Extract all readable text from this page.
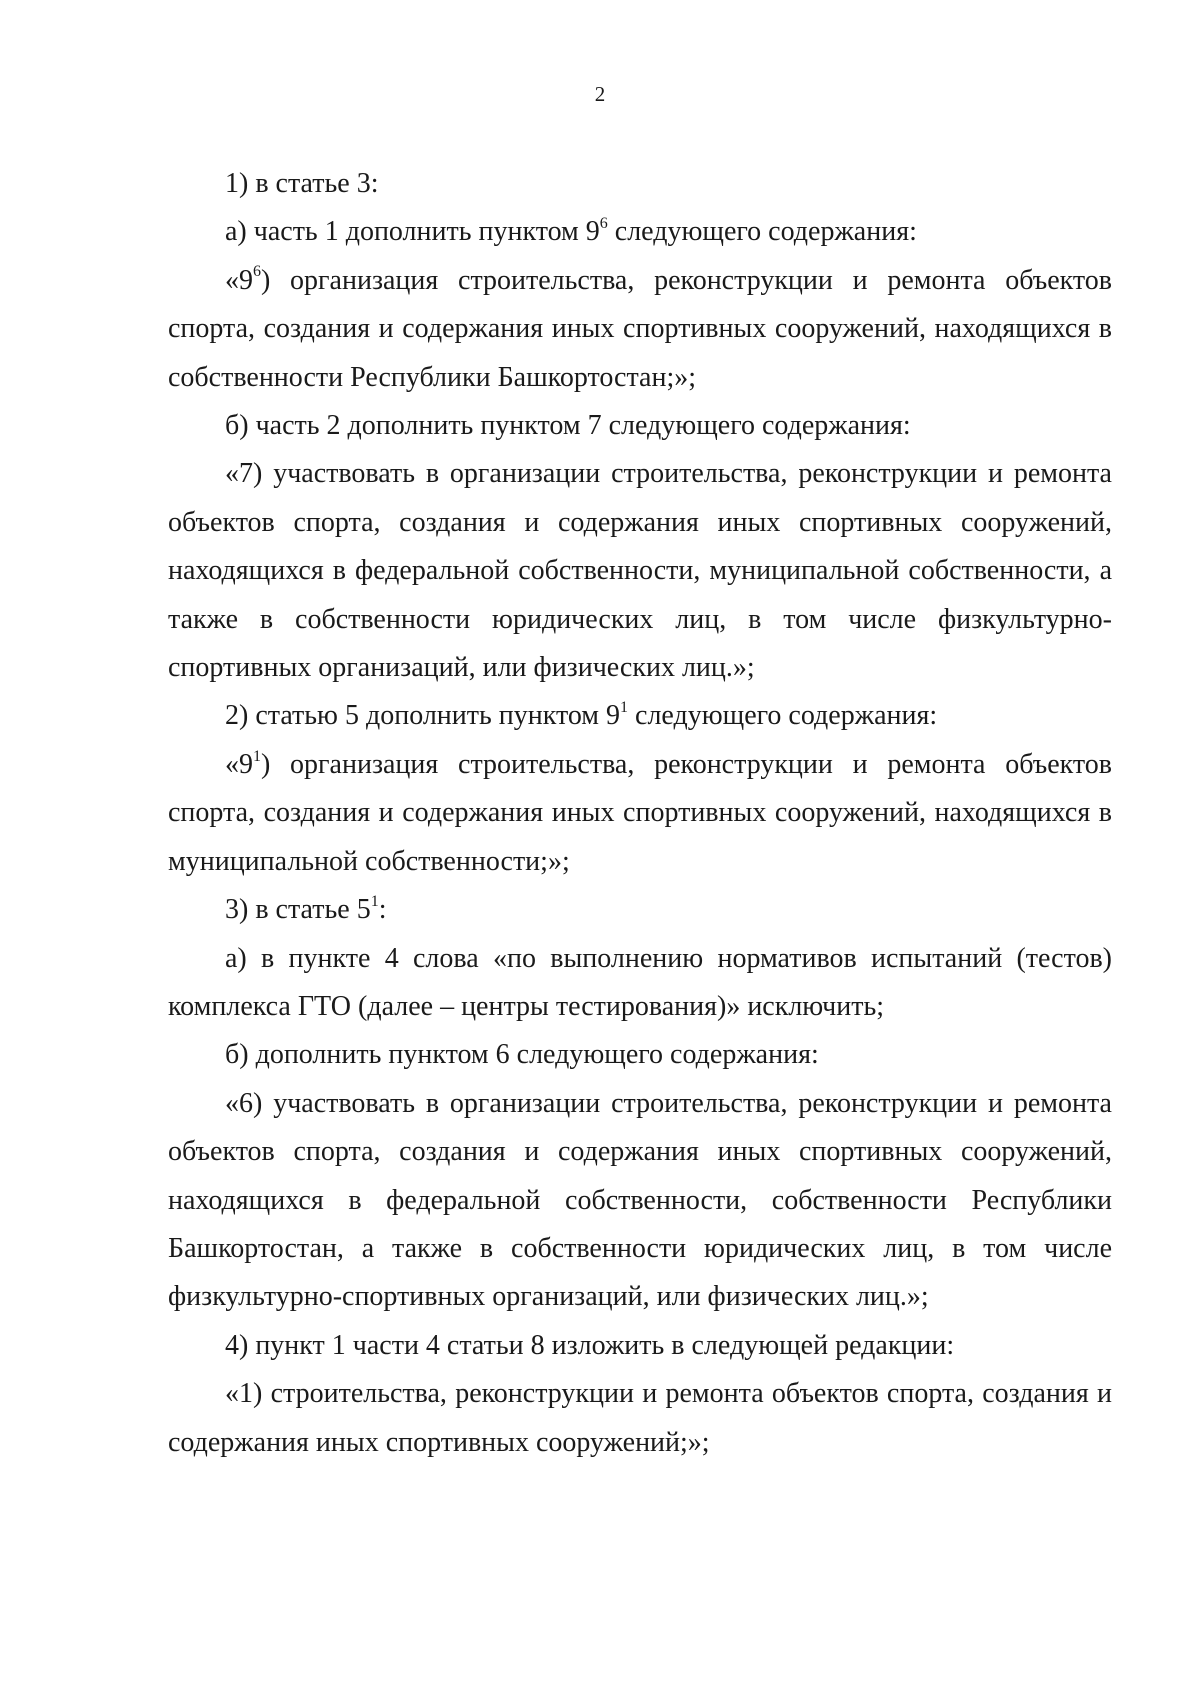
2

1) в статье 3:

а) часть 1 дополнить пунктом $9^6$ следующего содержания:

«$9^6$) организация строительства, реконструкции и ремонта объектов спорта, создания и содержания иных спортивных сооружений, находящихся в собственности Республики Башкортостан;»;

б) часть 2 дополнить пунктом 7 следующего содержания:

«7) участвовать в организации строительства, реконструкции и ремонта объектов спорта, создания и содержания иных спортивных сооружений, находящихся в федеральной собственности, муниципальной собственности, а также в собственности юридических лиц, в том числе физкультурно-спортивных организаций, или физических лиц.»;

2) статью 5 дополнить пунктом $9^1$ следующего содержания:

«$9^1$) организация строительства, реконструкции и ремонта объектов спорта, создания и содержания иных спортивных сооружений, находящихся в муниципальной собственности;»;

3) в статье $5^1$:

а) в пункте 4 слова «по выполнению нормативов испытаний (тестов) комплекса ГТО (далее – центры тестирования)» исключить;

б) дополнить пунктом 6 следующего содержания:

«6) участвовать в организации строительства, реконструкции и ремонта объектов спорта, создания и содержания иных спортивных сооружений, находящихся в федеральной собственности, собственности Республики Башкортостан, а также в собственности юридических лиц, в том числе физкультурно-спортивных организаций, или физических лиц.»;

4) пункт 1 части 4 статьи 8 изложить в следующей редакции:

«1) строительства, реконструкции и ремонта объектов спорта, создания и содержания иных спортивных сооружений;»;
